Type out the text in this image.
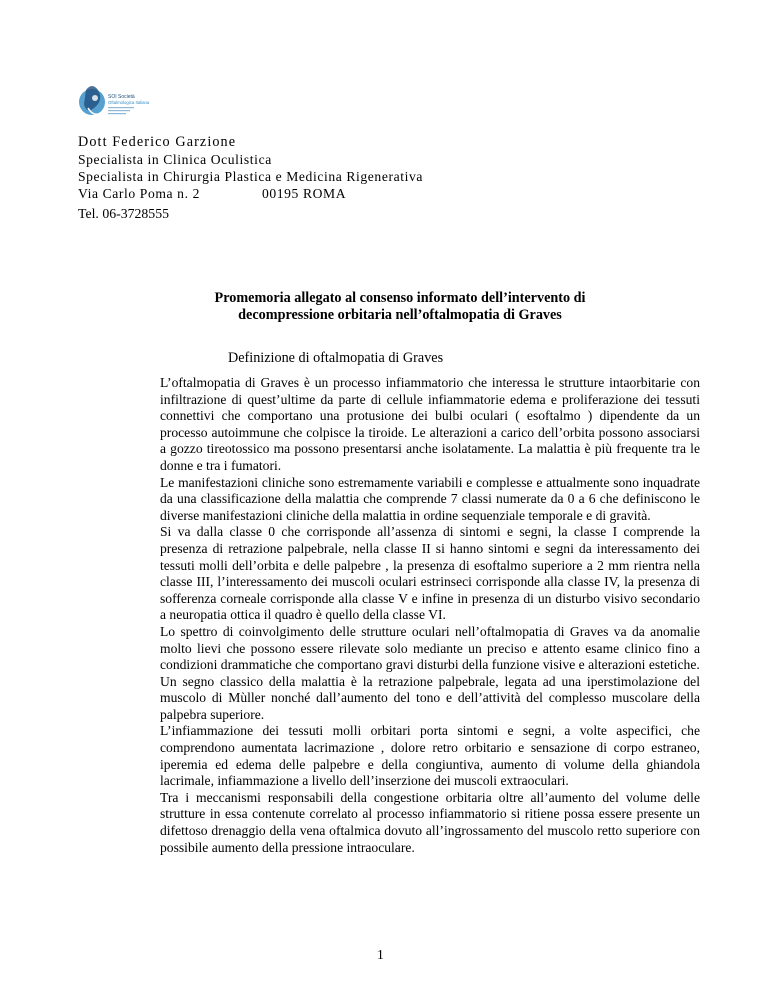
SOI Società
Oftalmologica Italiana
Dott Federico Garzione
Specialista in Clinica Oculistica
Specialista in Chirurgia Plastica e Medicina Rigenerativa
Via Carlo Poma n. 2	00195 ROMA
Tel. 06-3728555
Promemoria allegato al consenso informato dell’intervento di
decompressione orbitaria nell’oftalmopatia di Graves
Definizione di oftalmopatia di Graves

L’oftalmopatia di Graves è un processo infiammatorio che interessa le strutture intaorbitarie con infiltrazione di quest’ultime da parte di cellule infiammatorie edema e proliferazione dei tessuti connettivi che comportano una protusione dei bulbi oculari ( esoftalmo ) dipendente da un processo autoimmune che colpisce la tiroide. Le alterazioni a carico dell’orbita possono associarsi a gozzo tireotossico ma possono presentarsi anche isolatamente. La malattia è più frequente tra le donne e tra i fumatori.

Le manifestazioni cliniche sono estremamente variabili e complesse e attualmente sono inquadrate da una classificazione della malattia che comprende 7 classi numerate da 0 a 6 che definiscono le diverse manifestazioni cliniche della malattia in ordine sequenziale temporale e di gravità.

Si va dalla classe 0 che corrisponde all’assenza di sintomi e segni, la classe I comprende la presenza di retrazione palpebrale, nella classe II si hanno sintomi e segni da interessamento dei tessuti molli dell’orbita e delle palpebre , la presenza di esoftalmo superiore a 2 mm rientra nella classe III, l’interessamento dei muscoli oculari estrinseci corrisponde alla classe IV, la presenza di sofferenza corneale corrisponde alla classe V e infine in presenza di un disturbo visivo secondario a neuropatia ottica il quadro è quello della classe VI.

Lo spettro di coinvolgimento delle strutture oculari nell’oftalmopatia di Graves va da anomalie molto lievi che possono essere rilevate solo mediante un preciso e attento esame clinico fino a condizioni drammatiche che comportano gravi disturbi della funzione visive e alterazioni estetiche.

Un segno classico della malattia è la retrazione palpebrale, legata ad una iperstimolazione del muscolo di Mùller nonché dall’aumento del tono e dell’attività del complesso muscolare della palpebra superiore.

L’infiammazione dei tessuti molli orbitari porta sintomi e segni, a volte aspecifici, che comprendono aumentata lacrimazione , dolore retro orbitario e sensazione di corpo estraneo, iperemia ed edema delle palpebre e della congiuntiva, aumento di volume della ghiandola lacrimale, infiammazione a livello dell’inserzione dei muscoli extraoculari.

Tra i meccanismi responsabili della congestione orbitaria oltre all’aumento del volume delle strutture in essa contenute correlato al processo infiammatorio si ritiene possa essere presente un difettoso drenaggio della vena oftalmica dovuto all’ingrossamento del muscolo retto superiore con possibile aumento della pressione intraoculare.

1
